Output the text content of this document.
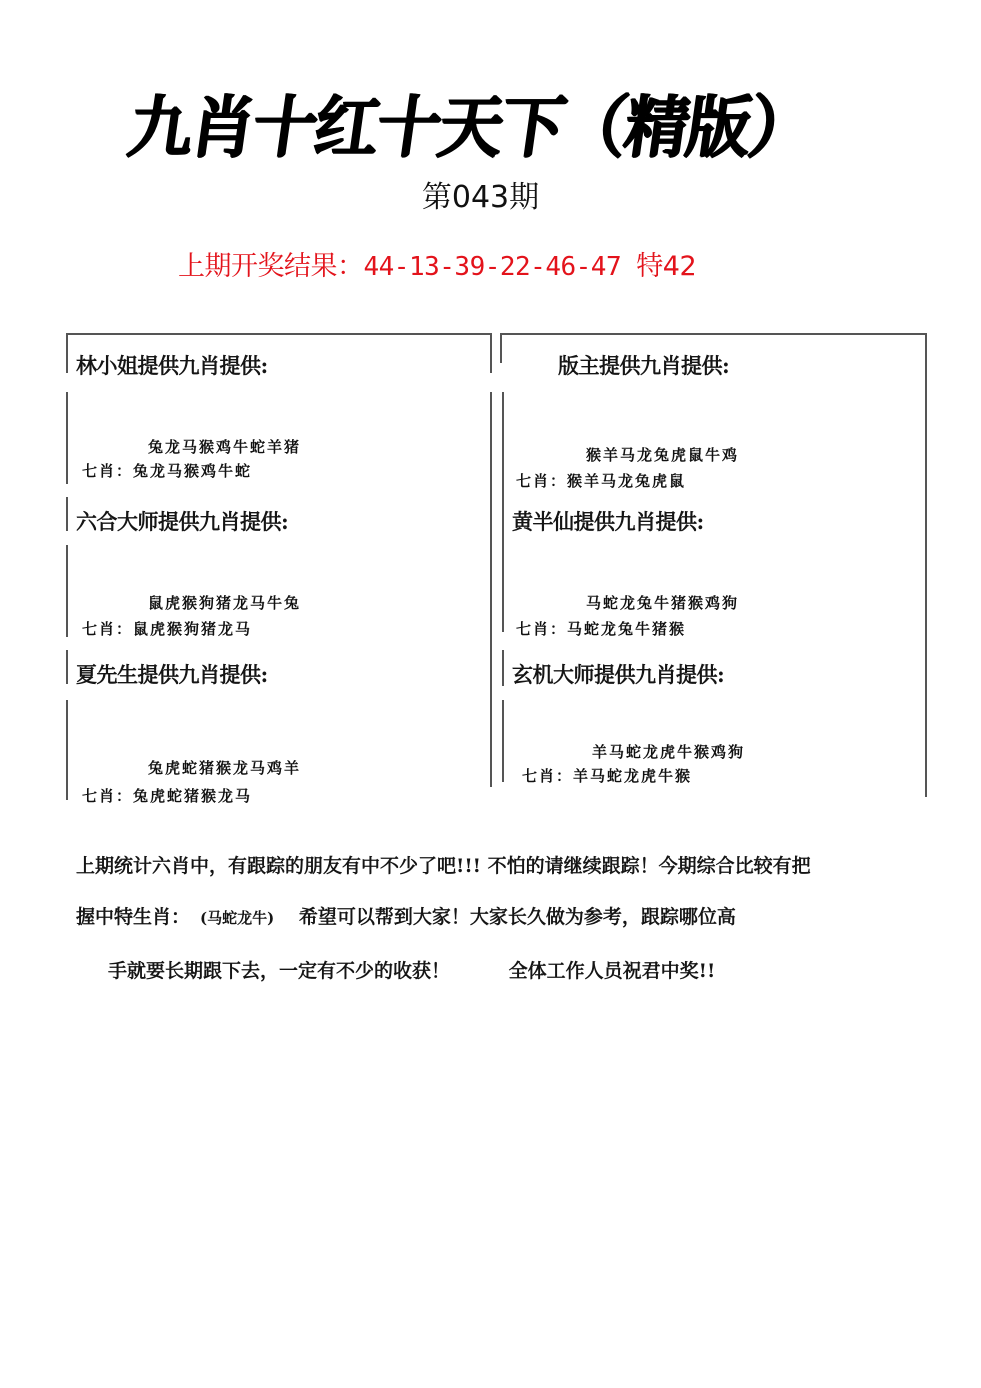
九肖十红十天下（精版）
第043期
上期开奖结果：44-13-39-22-46-47 特42
林小姐提供九肖提供:
兔龙马猴鸡牛蛇羊猪
七肖：兔龙马猴鸡牛蛇
版主提供九肖提供:
猴羊马龙兔虎鼠牛鸡
七肖：猴羊马龙兔虎鼠
六合大师提供九肖提供:
鼠虎猴狗猪龙马牛兔
七肖：鼠虎猴狗猪龙马
黄半仙提供九肖提供:
马蛇龙兔牛猪猴鸡狗
七肖：马蛇龙兔牛猪猴
夏先生提供九肖提供:
兔虎蛇猪猴龙马鸡羊
七肖：兔虎蛇猪猴龙马
玄机大师提供九肖提供:
羊马蛇龙虎牛猴鸡狗
七肖：羊马蛇龙虎牛猴
上期统计六肖中，有跟踪的朋友有中不少了吧!!! 不怕的请继续跟踪！今期综合比较有把
握中特生肖： (马蛇龙牛) 希望可以帮到大家！大家长久做为参考，跟踪哪位高
手就要长期跟下去，一定有不少的收获！	全体工作人员祝君中奖!!
